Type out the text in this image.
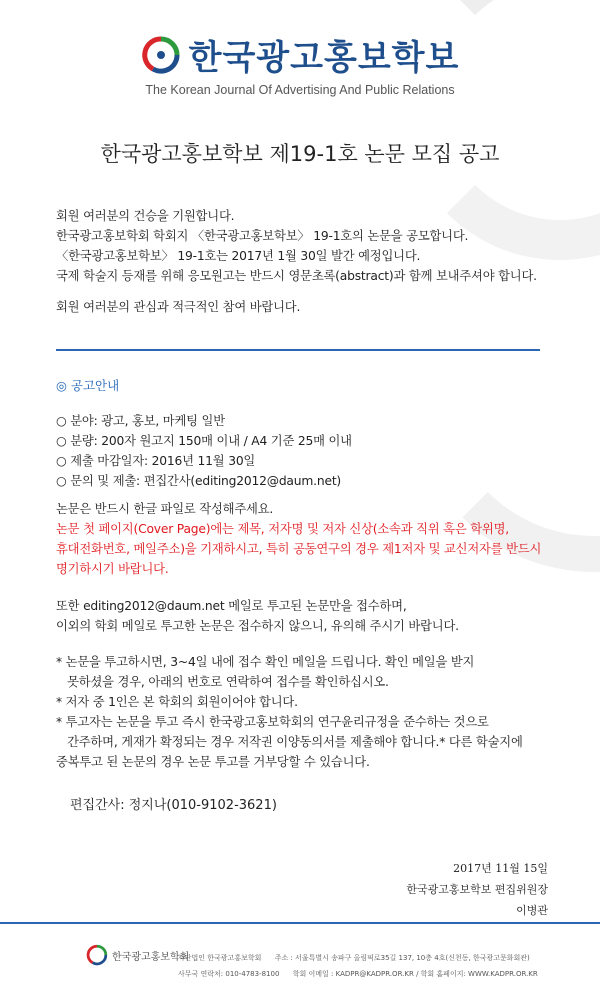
한국광고홍보학보
The Korean Journal Of Advertising And Public Relations
한국광고홍보학보 제19-1호 논문 모집 공고
회원 여러분의 건승을 기원합니다.
한국광고홍보학회 학회지 〈한국광고홍보학보〉 19-1호의 논문을 공모합니다.
〈한국광고홍보학보〉 19-1호는 2017년 1월 30일 발간 예정입니다.
국제 학술지 등재를 위해 응모원고는 반드시 영문초록(abstract)과 함께 보내주셔야 합니다.
회원 여러분의 관심과 적극적인 참여 바랍니다.
◎ 공고안내
○ 분야: 광고, 홍보, 마케팅 일반
○ 분량: 200자 원고지 150매 이내 / A4 기준 25매 이내
○ 제출 마감일자: 2016년 11월 30일
○ 문의 및 제출: 편집간사(editing2012@daum.net)
논문은 반드시 한글 파일로 작성해주세요.
논문 첫 페이지(Cover Page)에는 제목, 저자명 및 저자 신상(소속과 직위 혹은 학위명,
휴대전화번호, 메일주소)을 기재하시고, 특히 공동연구의 경우 제1저자 및 교신저자를 반드시
명기하시기 바랍니다.
또한 editing2012@daum.net 메일로 투고된 논문만을 접수하며,
이외의 학회 메일로 투고한 논문은 접수하지 않으니, 유의해 주시기 바랍니다.
* 논문을 투고하시면, 3~4일 내에 접수 확인 메일을 드립니다. 확인 메일을 받지
못하셨을 경우, 아래의 번호로 연락하여 접수를 확인하십시오.
* 저자 중 1인은 본 학회의 회원이어야 합니다.
* 투고자는 논문을 투고 즉시 한국광고홍보학회의 연구윤리규정을 준수하는 것으로
간주하며, 게재가 확정되는 경우 저작권 이양동의서를 제출해야 합니다.* 다른 학술지에
중복투고 된 논문의 경우 논문 투고를 거부당할 수 있습니다.
편집간사: 정지나(010-9102-3621)
2017년 11월 15일
한국광고홍보학보 편집위원장
이병관
한국광고홍보학회
사단법인 한국광고홍보학회      주소 : 서울특별시 송파구 올림픽로35길 137, 10층 4호(신천동, 한국광고문화회관)
사무국 연락처: 010-4783-8100      학회 이메일 : KADPR@KADPR.OR.KR / 학회 홈페이지: WWW.KADPR.OR.KR
